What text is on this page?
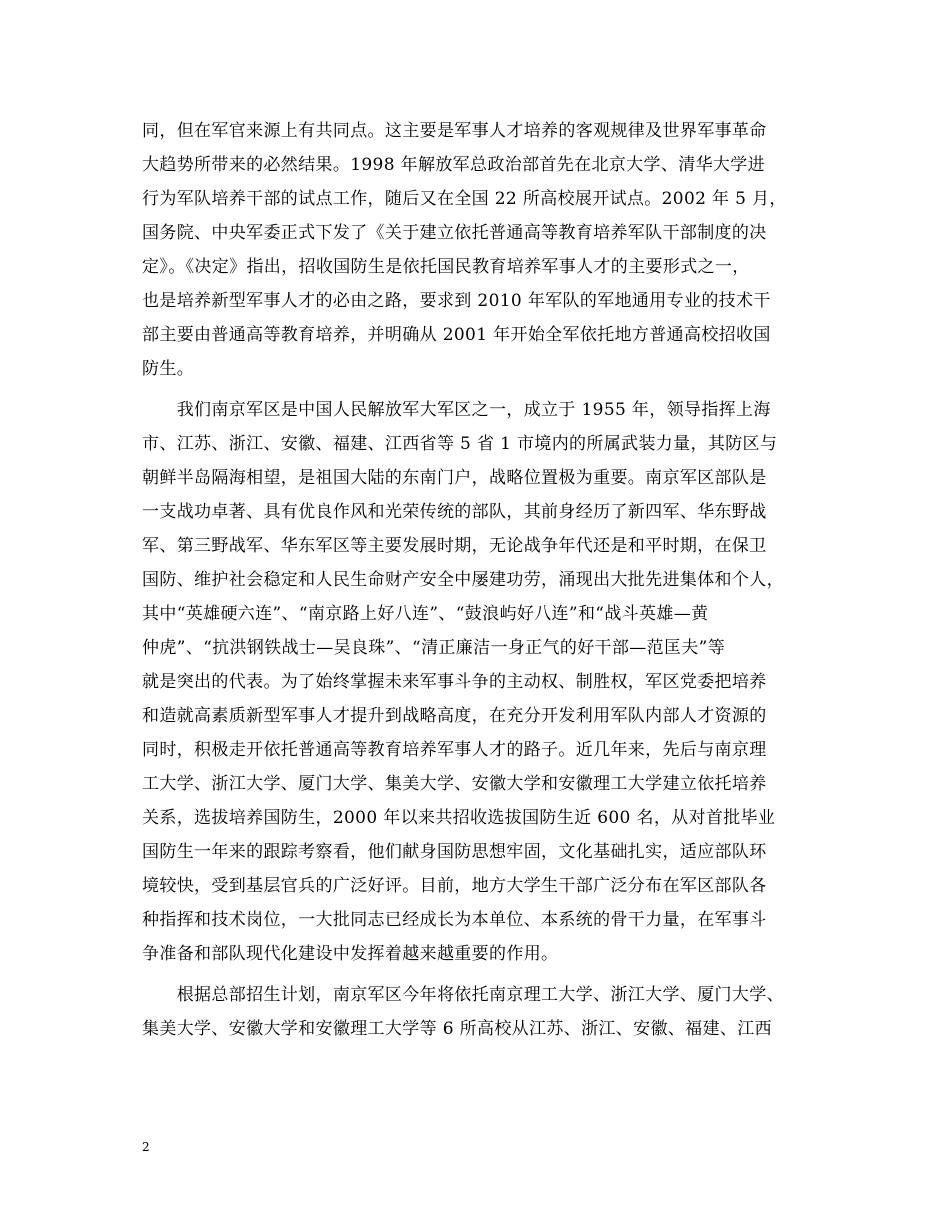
同，但在军官来源上有共同点。这主要是军事人才培养的客观规律及世界军事革命
大趋势所带来的必然结果。1998 年解放军总政治部首先在北京大学、清华大学进
行为军队培养干部的试点工作，随后又在全国 22 所高校展开试点。2002 年 5 月，
国务院、中央军委正式下发了《关于建立依托普通高等教育培养军队干部制度的决
定》。《决定》指出，招收国防生是依托国民教育培养军事人才的主要形式之一，
也是培养新型军事人才的必由之路，要求到 2010 年军队的军地通用专业的技术干
部主要由普通高等教育培养，并明确从 2001 年开始全军依托地方普通高校招收国
防生。
　　我们南京军区是中国人民解放军大军区之一，成立于 1955 年，领导指挥上海
市、江苏、浙江、安徽、福建、江西省等 5 省 1 市境内的所属武装力量，其防区与
朝鲜半岛隔海相望，是祖国大陆的东南门户，战略位置极为重要。南京军区部队是
一支战功卓著、具有优良作风和光荣传统的部队，其前身经历了新四军、华东野战
军、第三野战军、华东军区等主要发展时期，无论战争年代还是和平时期，在保卫
国防、维护社会稳定和人民生命财产安全中屡建功劳，涌现出大批先进集体和个人，
其中“英雄硬六连”、“南京路上好八连”、“鼓浪屿好八连”和“战斗英雄—黄
仲虎”、“抗洪钢铁战士—吴良珠”、“清正廉洁一身正气的好干部—范匡夫”等
就是突出的代表。为了始终掌握未来军事斗争的主动权、制胜权，军区党委把培养
和造就高素质新型军事人才提升到战略高度，在充分开发利用军队内部人才资源的
同时，积极走开依托普通高等教育培养军事人才的路子。近几年来，先后与南京理
工大学、浙江大学、厦门大学、集美大学、安徽大学和安徽理工大学建立依托培养
关系，选拔培养国防生，2000 年以来共招收选拔国防生近 600 名，从对首批毕业
国防生一年来的跟踪考察看，他们献身国防思想牢固，文化基础扎实，适应部队环
境较快，受到基层官兵的广泛好评。目前，地方大学生干部广泛分布在军区部队各
种指挥和技术岗位，一大批同志已经成长为本单位、本系统的骨干力量，在军事斗
争准备和部队现代化建设中发挥着越来越重要的作用。
　　根据总部招生计划，南京军区今年将依托南京理工大学、浙江大学、厦门大学、
集美大学、安徽大学和安徽理工大学等 6 所高校从江苏、浙江、安徽、福建、江西
2
